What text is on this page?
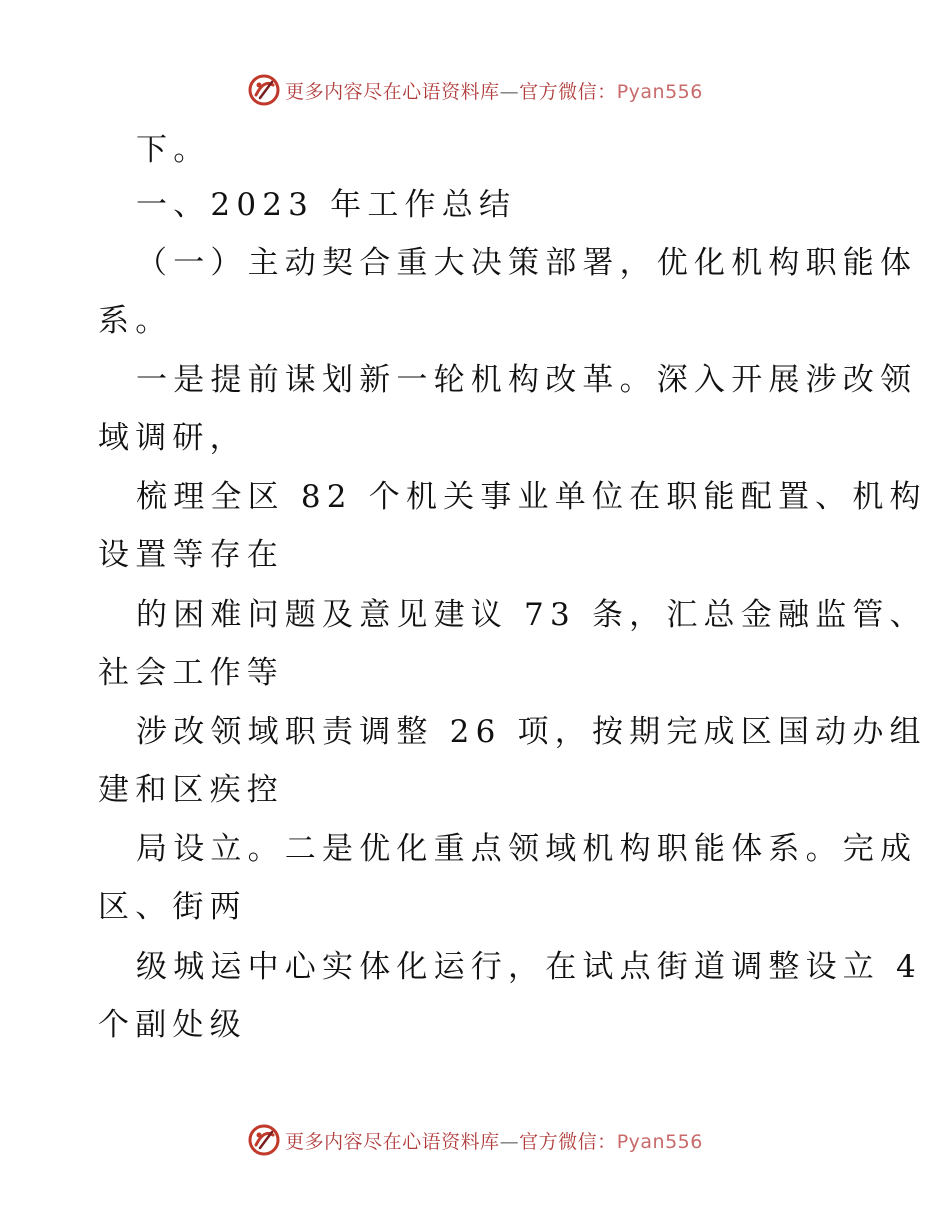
更多内容尽在心语资料库—官方微信：Pyan556
下。
一、2023 年工作总结
（一）主动契合重大决策部署，优化机构职能体
系。
一是提前谋划新一轮机构改革。深入开展涉改领
域调研，
梳理全区 82 个机关事业单位在职能配置、机构
设置等存在
的困难问题及意见建议 73 条，汇总金融监管、
社会工作等
涉改领域职责调整 26 项，按期完成区国动办组
建和区疾控
局设立。二是优化重点领域机构职能体系。完成
区、街两
级城运中心实体化运行，在试点街道调整设立 4
个副处级
更多内容尽在心语资料库—官方微信：Pyan556
